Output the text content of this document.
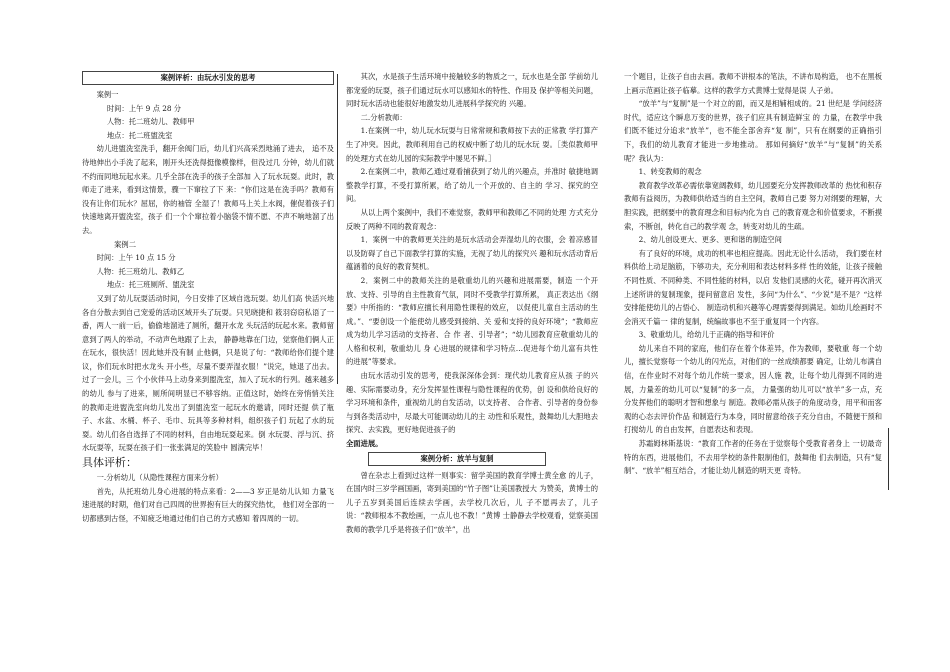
案例评析：由玩水引发的思考

案例一

时间：上午 9 点 28 分

人物：托二班幼儿、教师甲

地点：托二班盥洗室

幼儿进盥洗室洗手，翻开余阀门后，幼儿们兴高采烈地涌了进去， 追不及待地伸出小手洗了起来，刚开头还洗得挺像模像样，但没过几 分钟，幼儿们就不约而同地玩起水来。几乎全部在洗手的孩子全部加 入了玩水玩耍。此时，教师走了进来，看到这情景，骤一下窜拉了下 来：“你们这是在洗手吗？教师有没有让你们玩水？屈屈，你的袖管 全湿了！教师马上关上水阀，催促着孩子们快速地离开盥洗室，孩子 们一个个窜拉着小脑袋不情不愿、不声不响地溜了出去。

案例二

时间：上午 10 点 15 分

人物：托三班幼儿、教师乙

地点：托三班厕所、盥洗室

又到了幼儿玩耍活动时间，今日安排了区域自选玩耍。幼儿们高 快活兴地各自分散去到自己宠爱的活动区域开头了玩耍。只见晓捷和 筱羽窃窃私语了一番，两人一前一后，偷偷地溜进了厕所，翻开水龙 头玩活的玩起水来。教师留意到了两人的举动，不动声色地跟了上去， 静静地靠在门边，觉察他们俩人正在玩水，很快活！因此她并没有制 止他俩，只是说了句：“教师给你们提个建议，你们玩水时把水龙头 开小些，尽量不要弄湿衣服！”说完，她退了出去。过了一会儿，三 个小伙伴马上动身来到盥洗室，加入了玩水的行列。越来越多的幼儿 参与了进来，厕所间明显已不够容纳。正值这时，始终在旁悄悄关注 的教师走进盥洗室向幼儿发出了到盥洗室一起玩水的邀请，同时还提 供了瓶子、水盆、水桶、杯子、毛巾、玩具等多种材料，组织孩子们 玩起了水的玩耍。幼儿们各自选择了不同的材料，自由地玩耍起来。倒 水玩耍、浮与沉、挤水玩耍等，玩耍在孩子们一张张满足的笑脸中 圆满完毕！

具体评析：

一.分析幼儿（从隐性课程方面来分析）

首先，从托班幼儿身心进展的特点来看：2——3 岁正是幼儿认知 力量飞速进展的时期，他们对自己四周的世界抱有巨大的探究热忱， 他们对全部的一切都感到古怪，不知疲乏地通过他们自己的方式感知 着四周的一切。

其次，水是孩子生活环境中接触较多的物质之一，玩水也是全部 学前幼儿都宠爱的玩耍，孩子们通过玩水可以感知水的特性、作用及 保护等相关问题，同时玩水活动也能很好地激发幼儿进展科学探究的 兴趣。

二.分析教师：

1.在案例一中，幼儿玩水玩耍与日常常规和教师按下去的正常教 学打算产生了冲突。因此，教师利用自己的权威中断了幼儿的玩水玩 耍。［类似教师甲的处理方式在幼儿园的实际教学中屡见不鲜。］

2.在案例二中，教师乙通过观看捕获到了幼儿的兴趣点，并准时 敏捷地调整教学打算，不受打算所累，给了幼儿一个开放的、自主的 学习、探究的空间。

从以上两个案例中，我们不难觉察，教师甲和教师乙不同的处理 方式充分反映了两种不同的教育观念：

1．案例一中的教师更关注的是玩水活动会弄湿幼儿的衣服，会 着凉感冒以及防碍了自己下面教学打算的实施，无视了幼儿的探究兴 趣和玩水活动背后蕴涵着的良好的教育契机。

2．案例二中的教师关注的是敬重幼儿的兴趣和进展需要，制造 一个开放、支持、引导的自主性教育气氛，同时不受教学打算所累， 真正表达出《纲要》中所指的：“教师应擅长利用隐性课程的效应， 以促使儿童自主活动的生成。”、“要创设一个能使幼儿感受到接纳、关 爱和支持的良好环境”；“教师应成为幼儿学习活动的支持者、合 作 者、引导者”；“幼儿园教育应敬重幼儿的人格和权利，敬重幼儿 身 心进展的规律和学习特点…促进每个幼儿富有共性的进展”等要求。

由玩水活动引发的思考，使我深深体会到：现代幼儿教育应从孩 子的兴趣、实际需要动身，充分发挥显性课程与隐性课程的优势，创 设和供给良好的学习环境和条件，重视幼儿的自发活动，以支持者、 合作者、引导者的身份参与到各类活动中，尽最大可能调动幼儿的主 动性和乐观性，鼓舞幼儿大胆地去探究、去实践，更好地促进孩子的

全面进展。

案例分析：放羊与复制

曾在杂志上看到过这样一则事实：留学美国的教育学博士黄全愈 的儿子，在国内时三岁学画国画，寄到美国的“竹子图”让美国教授大 为赞美，黄博士的儿子五岁到美国后连续去学画，去学校几次后，儿 子不愿再去了，儿子说：“教师根本不教绘画，一点儿也不教！”黄博 士静静去学校观看，觉察美国教师的教学几乎是将孩子们“放羊”，出

一个题目，让孩子自由去画。教师不讲根本的笔法，不讲布局构造， 也不在黑板上画示范画让孩子临摹。这样的教学方式黄博士觉得是误 人子弟。

“放羊”与“复制”是一个对立的面，而又是相辅相成的。21 世纪是 学问经济时代，适应这个瞬息万变的世界，孩子们应具有制造鲜宝 的 力量，在教学中我们既不能过分追求“放羊”，也不能全部舍弃“复 制”，只有在纲要的正确指引下，我们的幼儿教育才能进一步地推动。 那如何摘好“放羊”与“复制”的关系呢？我认为：

1、转变教师的观念

教育教学改革必需依靠宽阔教师，幼儿园要充分发挥教师改革的 热忱和积存教师有益阅历，为教师供给适当的自主空间，教师自己要 努力对纲要的理解，大胆实践，把纲要中的教育理念和目标内化为自 己的教育观念和价值要求，不断摸索，不断创，转化自己的教学观 念，转变对幼儿的生疏。

2、幼儿创设更大、更多、更和谐的制造空间

有了良好的环境，成功的机率也相应提高。因此无论什么活动， 我们要在材料供给上动足脑筋，下够功夫，充分利用和表达材料多样 性的效能，让孩子接触不同性质、不同种类、不同性能的材料，以启 发他们灵感的火花，碰开再次消灭上述所讲的复制现象，提问留意启 发性，多问“为什么”、“少说”是不是？“这样安排能使幼儿的占悟心、 制造动机和兴趣等心理需要得到满足。如幼儿绘画时不会消灭千篇一 律的复制，统编故事也不至于重复同一个内容。

3、敬重幼儿，给幼儿于正确的指导和评价

幼儿来自不同的家庭，他们存在着个体差异，作为教师，要敬重 每一个幼儿，擅长觉察每一个幼儿的闪光点，对他们的一丝成绩都要 确定，让幼儿布满自信，在作业时不对每个幼儿作统一要求，因人施 教，让每个幼儿得到不同的进展，力量差的幼儿可以“复制”的多一点， 力量强的幼儿可以“放羊”多一点，充分发挥他们的聪明才智和想象与 制造。教师必需从孩子的角度动身，用平和而客观的心态去评价作品 和制造行为本身，同时留意给孩子充分自由，不随便干预和打搅幼儿 的自由发挥，自愿表达和表现。

苏霜姆林斯基说：“教育工作者的任务在于觉察每个受教育者身上 一切最奇特的东西，进展他们，不去用学校的条件限制他们，鼓舞他 们去制造，只有“复制”、“放羊”相互结合，才能让幼儿制造的明天更 奇特。
